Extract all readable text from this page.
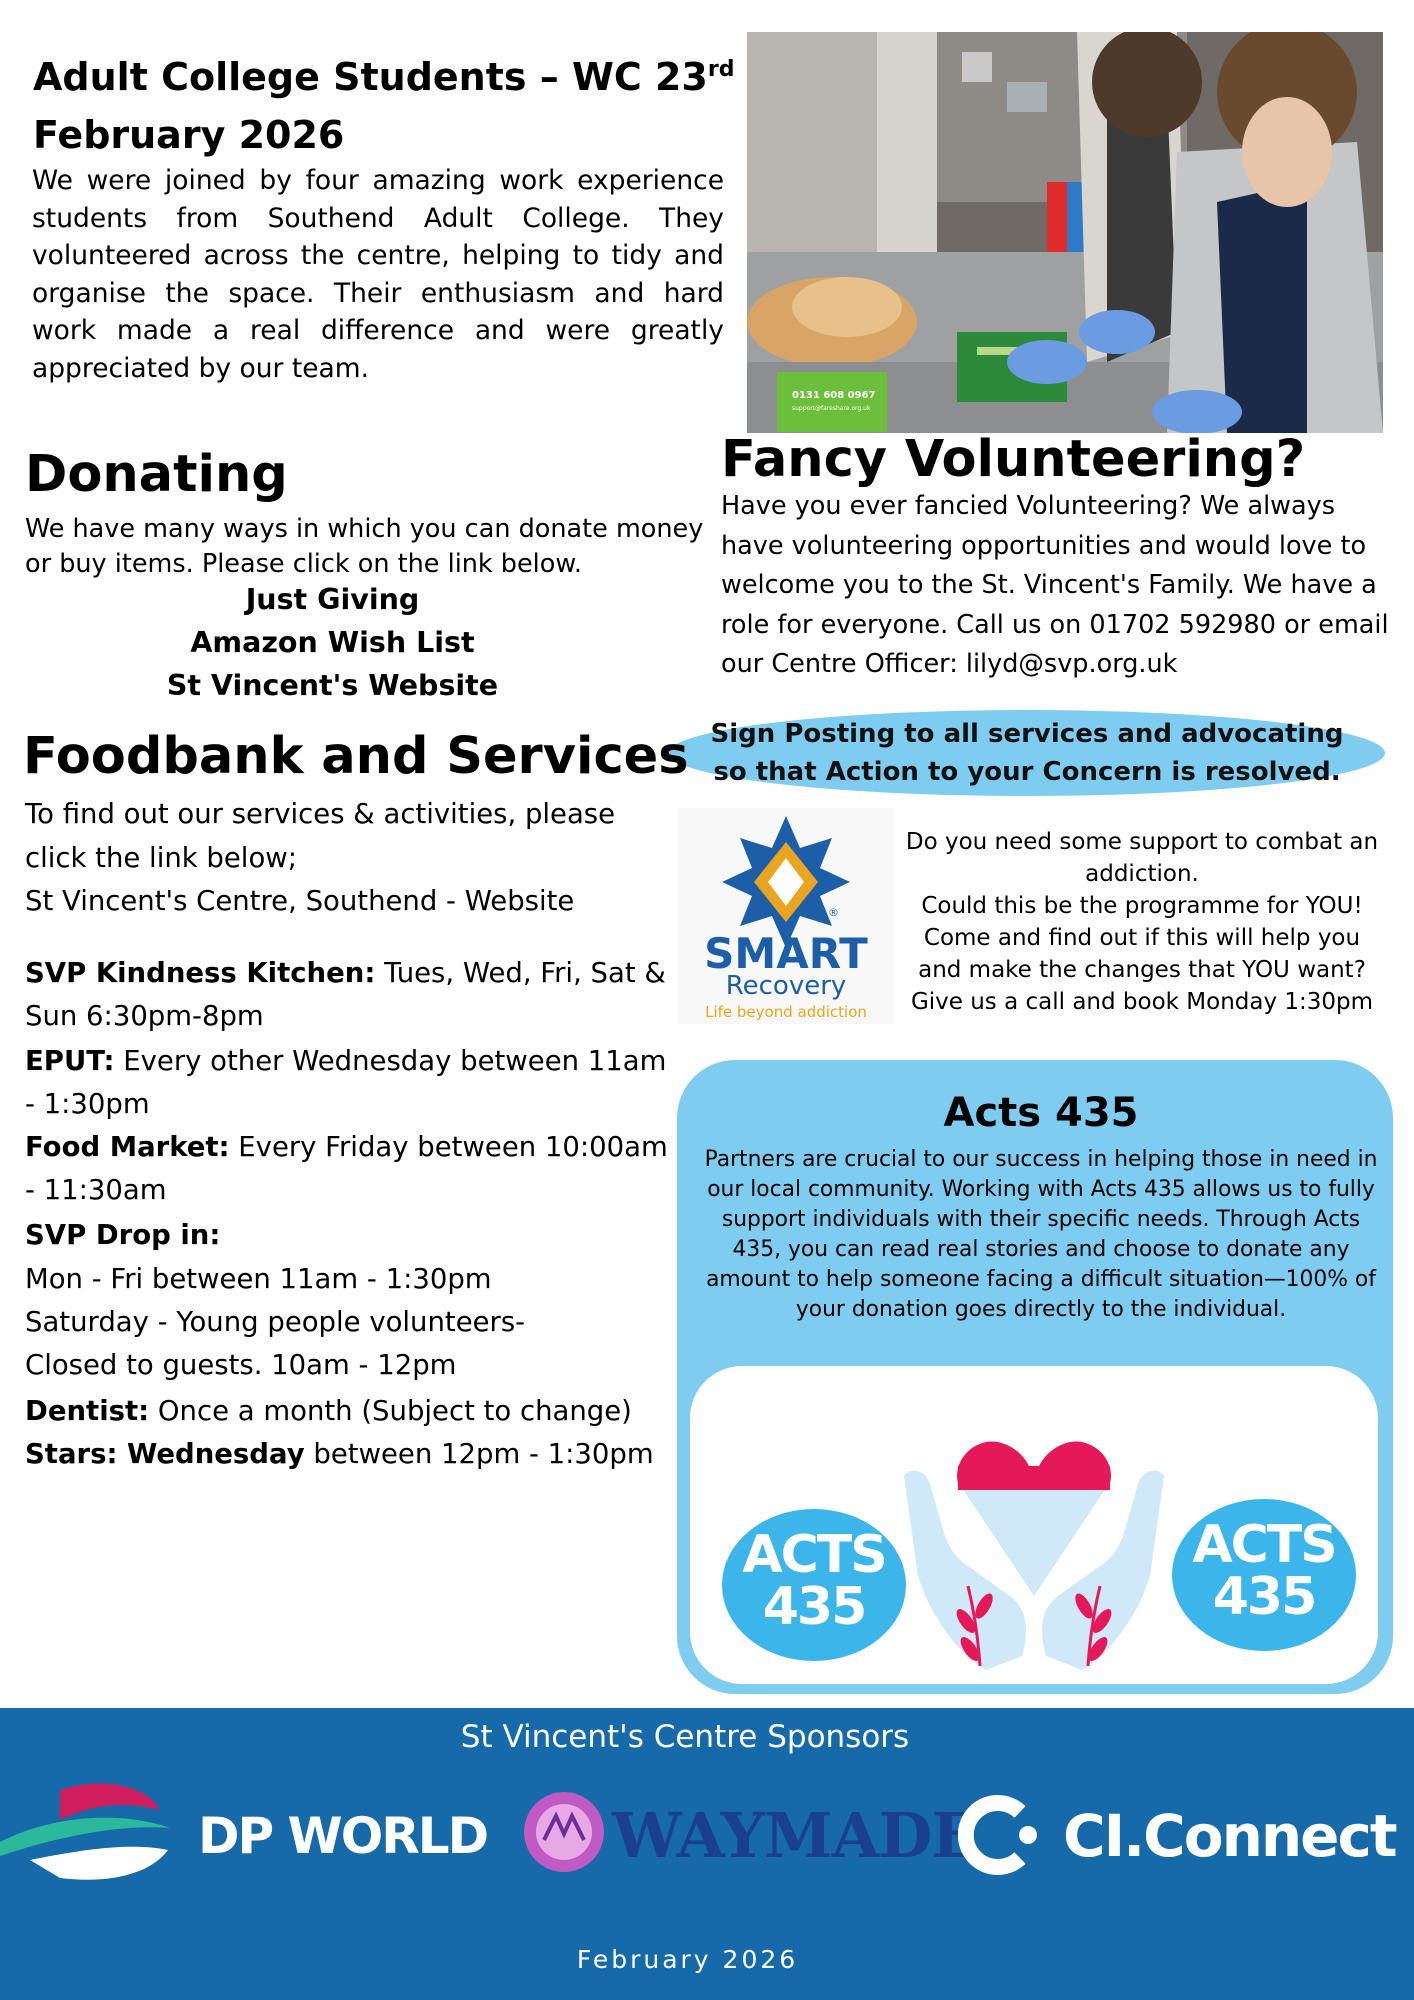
Adult College Students – WC 23rd
February 2026

We were joined by four amazing work experience students from Southend Adult College. They volunteered across the centre, helping to tidy and organise the space. Their enthusiasm and hard work made a real difference and were greatly appreciated by our team.

0131 608 0967
support@fareshare.org.uk
Donating

We have many ways in which you can donate money or buy items. Please click on the link below.

Just Giving
Amazon Wish List
St Vincent's Website
Fancy Volunteering?

Have you ever fancied Volunteering? We always have volunteering opportunities and would love to welcome you to the St. Vincent's Family. We have a role for everyone. Call us on 01702 592980 or email our Centre Officer: lilyd@svp.org.uk

Sign Posting to all services and advocating so that Action to your Concern is resolved.
®
SMART
Recovery
Life beyond addiction
Do you need some support to combat an addiction.
Could this be the programme for YOU!
Come and find out if this will help you and make the changes that YOU want?
Give us a call and book Monday 1:30pm
Foodbank and Services
To find out our services & activities, please click the link below;
St Vincent's Centre, Southend - Website
SVP Kindness Kitchen: Tues, Wed, Fri, Sat & Sun 6:30pm-8pm
EPUT: Every other Wednesday between 11am - 1:30pm
Food Market: Every Friday between 10:00am - 11:30am
SVP Drop in:
Mon - Fri between 11am - 1:30pm
Saturday - Young people volunteers- Closed to guests. 10am - 12pm
Dentist: Once a month (Subject to change)
Stars: Wednesday between 12pm - 1:30pm
Acts 435

Partners are crucial to our success in helping those in need in our local community. Working with Acts 435 allows us to fully support individuals with their specific needs. Through Acts 435, you can read real stories and choose to donate any amount to help someone facing a difficult situation—100% of your donation goes directly to the individual.

ACTS
435
ACTS
435
St Vincent's Centre Sponsors
DP WORLD WAYMADE CI.Connect
February 2026
